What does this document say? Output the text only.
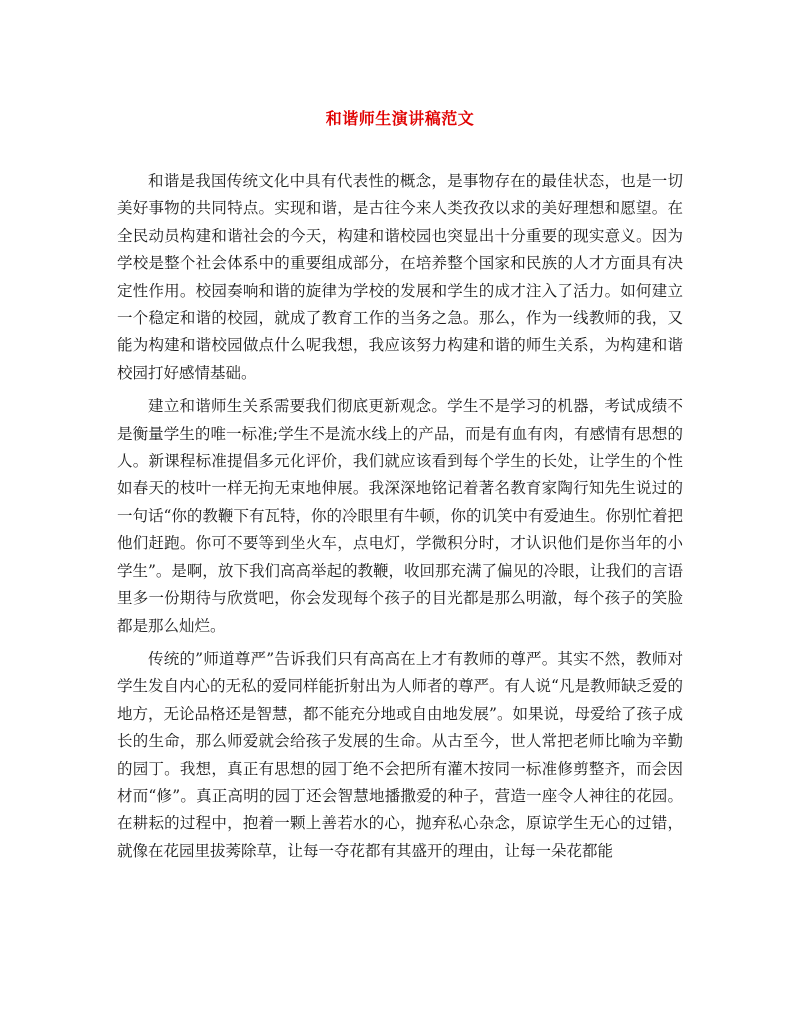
和谐师生演讲稿范文

和谐是我国传统文化中具有代表性的概念，是事物存在的最佳状态，也是一切美好事物的共同特点。实现和谐，是古往今来人类孜孜以求的美好理想和愿望。在全民动员构建和谐社会的今天，构建和谐校园也突显出十分重要的现实意义。因为学校是整个社会体系中的重要组成部分，在培养整个国家和民族的人才方面具有决定性作用。校园奏响和谐的旋律为学校的发展和学生的成才注入了活力。如何建立一个稳定和谐的校园，就成了教育工作的当务之急。那么，作为一线教师的我，又能为构建和谐校园做点什么呢我想，我应该努力构建和谐的师生关系，为构建和谐校园打好感情基础。

建立和谐师生关系需要我们彻底更新观念。学生不是学习的机器，考试成绩不是衡量学生的唯一标准;学生不是流水线上的产品，而是有血有肉，有感情有思想的人。新课程标准提倡多元化评价，我们就应该看到每个学生的长处，让学生的个性如春天的枝叶一样无拘无束地伸展。我深深地铭记着著名教育家陶行知先生说过的一句话“你的教鞭下有瓦特，你的冷眼里有牛顿，你的讥笑中有爱迪生。你别忙着把他们赶跑。你可不要等到坐火车，点电灯，学微积分时，才认识他们是你当年的小学生”。是啊，放下我们高高举起的教鞭，收回那充满了偏见的冷眼，让我们的言语里多一份期待与欣赏吧，你会发现每个孩子的目光都是那么明澈，每个孩子的笑脸都是那么灿烂。

传统的”师道尊严”告诉我们只有高高在上才有教师的尊严。其实不然，教师对学生发自内心的无私的爱同样能折射出为人师者的尊严。有人说“凡是教师缺乏爱的地方，无论品格还是智慧，都不能充分地或自由地发展”。如果说，母爱给了孩子成长的生命，那么师爱就会给孩子发展的生命。从古至今，世人常把老师比喻为辛勤的园丁。我想，真正有思想的园丁绝不会把所有灌木按同一标准修剪整齐，而会因材而“修”。真正高明的园丁还会智慧地播撒爱的种子，营造一座令人神往的花园。在耕耘的过程中，抱着一颗上善若水的心，抛弃私心杂念，原谅学生无心的过错，就像在花园里拔莠除草，让每一夺花都有其盛开的理由，让每一朵花都能
